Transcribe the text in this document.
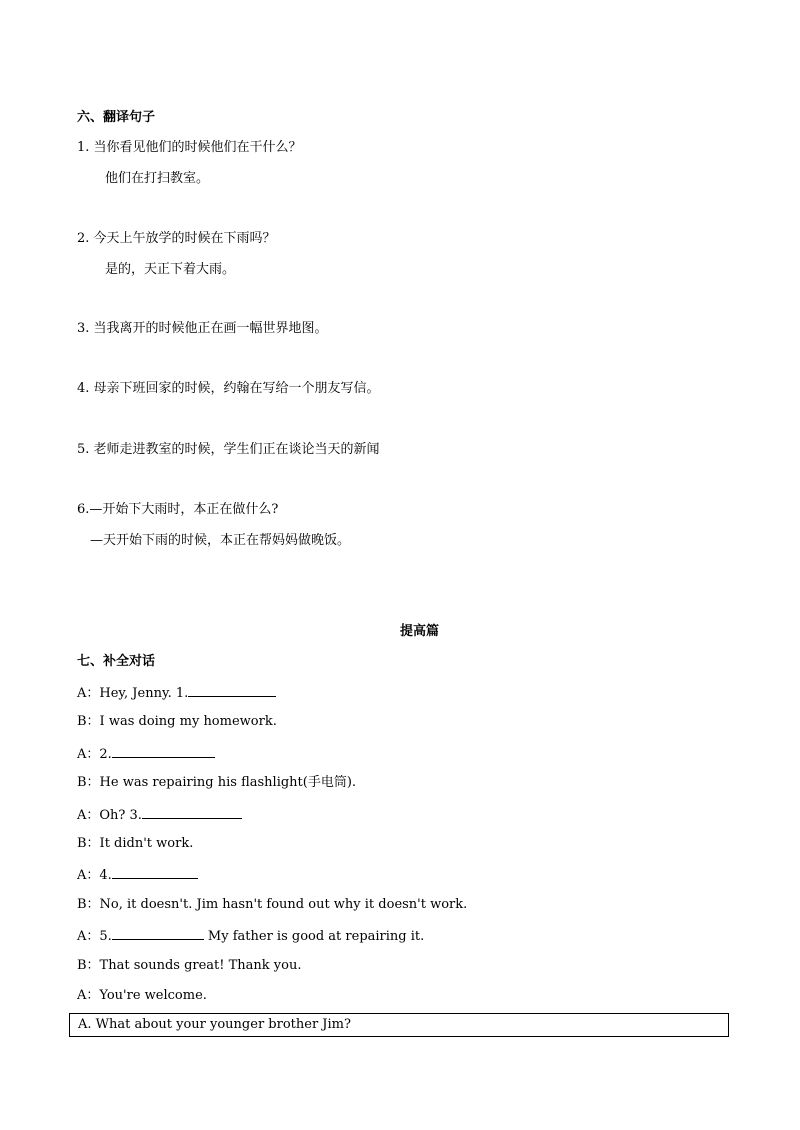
六、翻译句子
1. 当你看见他们的时候他们在干什么？
他们在打扫教室。
2. 今天上午放学的时候在下雨吗？
是的，天正下着大雨。
3. 当我离开的时候他正在画一幅世界地图。
4. 母亲下班回家的时候，约翰在写给一个朋友写信。
5. 老师走进教室的时候，学生们正在谈论当天的新闻
6.—开始下大雨时，本正在做什么?
—天开始下雨的时候，本正在帮妈妈做晚饭。
提高篇
七、补全对话
A：Hey, Jenny. 1.
B：I was doing my homework.
A：2.
B：He was repairing his flashlight(手电筒).
A：Oh? 3.
B：It didn't work.
A：4.
B：No, it doesn't. Jim hasn't found out why it doesn't work.
A：5.	My father is good at repairing it.
B：That sounds great! Thank you.
A：You're welcome.
A. What about your younger brother Jim?
